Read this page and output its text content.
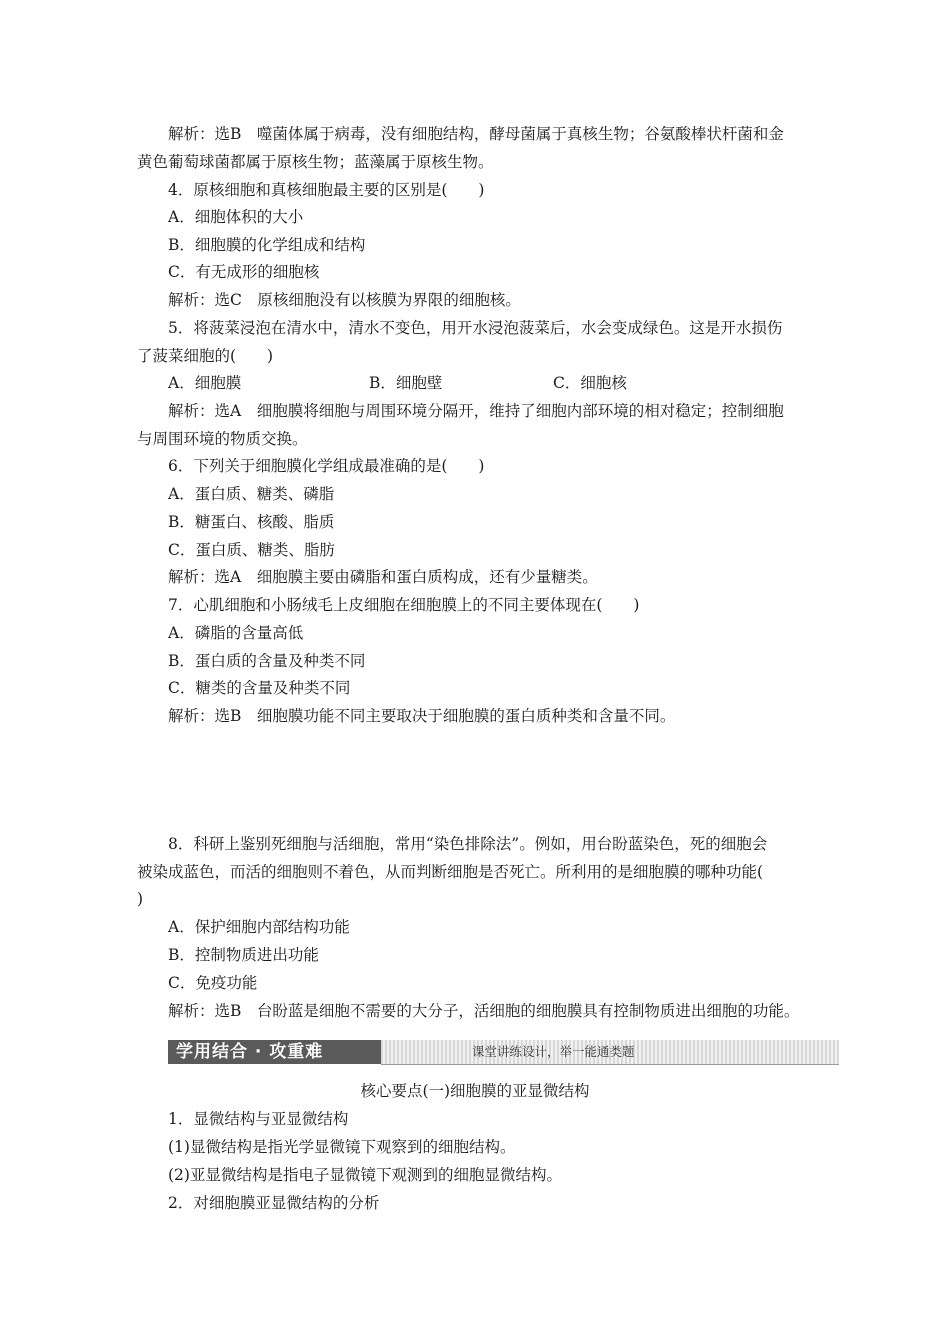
解析：选B　噬菌体属于病毒，没有细胞结构，酵母菌属于真核生物；谷氨酸棒状杆菌和金
黄色葡萄球菌都属于原核生物；蓝藻属于原核生物。
4．原核细胞和真核细胞最主要的区别是(　　)
A．细胞体积的大小
B．细胞膜的化学组成和结构
C．有无成形的细胞核
解析：选C　原核细胞没有以核膜为界限的细胞核。
5．将菠菜浸泡在清水中，清水不变色，用开水浸泡菠菜后，水会变成绿色。这是开水损伤
了菠菜细胞的(　　)
A．细胞膜	B．细胞壁	C．细胞核
解析：选A　细胞膜将细胞与周围环境分隔开，维持了细胞内部环境的相对稳定；控制细胞
与周围环境的物质交换。
6．下列关于细胞膜化学组成最准确的是(　　)
A．蛋白质、糖类、磷脂
B．糖蛋白、核酸、脂质
C．蛋白质、糖类、脂肪
解析：选A　细胞膜主要由磷脂和蛋白质构成，还有少量糖类。
7．心肌细胞和小肠绒毛上皮细胞在细胞膜上的不同主要体现在(　　)
A．磷脂的含量高低
B．蛋白质的含量及种类不同
C．糖类的含量及种类不同
解析：选B　细胞膜功能不同主要取决于细胞膜的蛋白质种类和含量不同。
8．科研上鉴别死细胞与活细胞，常用“染色排除法”。例如，用台盼蓝染色，死的细胞会
被染成蓝色，而活的细胞则不着色，从而判断细胞是否死亡。所利用的是细胞膜的哪种功能(
)
A．保护细胞内部结构功能
B．控制物质进出功能
C．免疫功能
解析：选B　台盼蓝是细胞不需要的大分子，活细胞的细胞膜具有控制物质进出细胞的功能。
学用结合 · 攻重难	课堂讲练设计，举一能通类题
核心要点(一)细胞膜的亚显微结构
1．显微结构与亚显微结构
(1)显微结构是指光学显微镜下观察到的细胞结构。
(2)亚显微结构是指电子显微镜下观测到的细胞显微结构。
2．对细胞膜亚显微结构的分析
